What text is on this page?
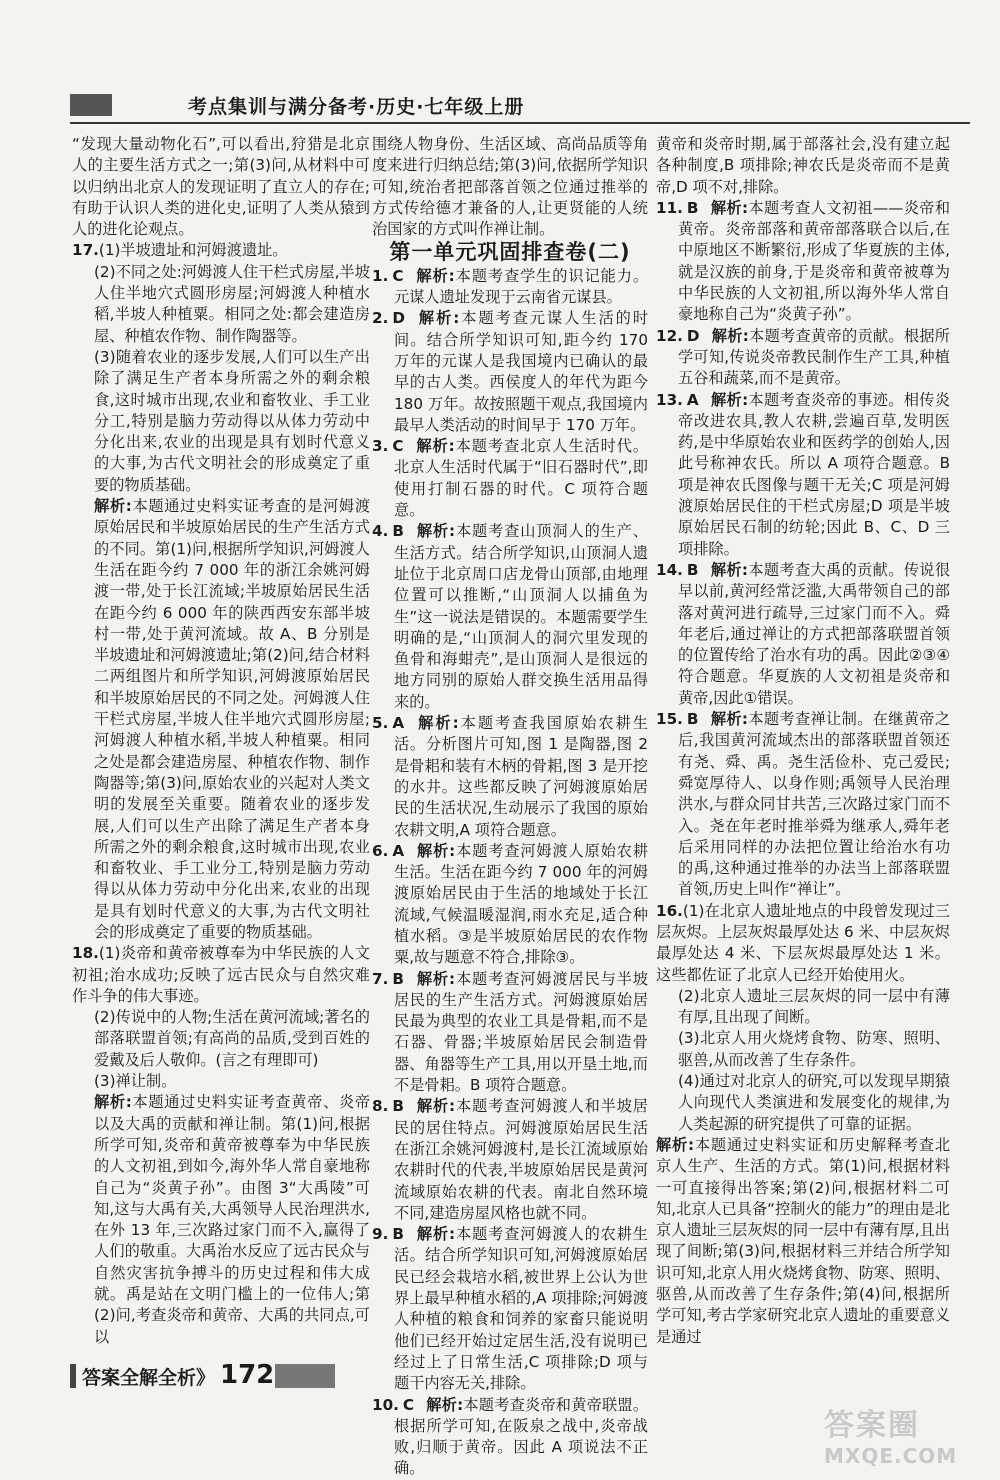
考点集训与满分备考·历史·七年级上册

“发现大量动物化石”,可以看出,狩猎是北京人的主要生活方式之一;第(3)问,从材料中可以归纳出北京人的发现证明了直立人的存在;有助于认识人类的进化史,证明了人类从猿到人的进化论观点。

17.(1)半坡遗址和河姆渡遗址。

(2)不同之处:河姆渡人住干栏式房屋,半坡人住半地穴式圆形房屋;河姆渡人种植水稻,半坡人种植粟。相同之处:都会建造房屋、种植农作物、制作陶器等。

(3)随着农业的逐步发展,人们可以生产出除了满足生产者本身所需之外的剩余粮食,这时城市出现,农业和畜牧业、手工业分工,特别是脑力劳动得以从体力劳动中分化出来,农业的出现是具有划时代意义的大事,为古代文明社会的形成奠定了重要的物质基础。

解析:本题通过史料实证考查的是河姆渡原始居民和半坡原始居民的生产生活方式的不同。第(1)问,根据所学知识,河姆渡人生活在距今约 7 000 年的浙江余姚河姆渡一带,处于长江流域;半坡原始居民生活在距今约 6 000 年的陕西西安东部半坡村一带,处于黄河流域。故 A、B 分别是半坡遗址和河姆渡遗址;第(2)问,结合材料二两组图片和所学知识,河姆渡原始居民和半坡原始居民的不同之处。河姆渡人住干栏式房屋,半坡人住半地穴式圆形房屋;河姆渡人种植水稻,半坡人种植粟。相同之处是都会建造房屋、种植农作物、制作陶器等;第(3)问,原始农业的兴起对人类文明的发展至关重要。随着农业的逐步发展,人们可以生产出除了满足生产者本身所需之外的剩余粮食,这时城市出现,农业和畜牧业、手工业分工,特别是脑力劳动得以从体力劳动中分化出来,农业的出现是具有划时代意义的大事,为古代文明社会的形成奠定了重要的物质基础。

18.(1)炎帝和黄帝被尊奉为中华民族的人文初祖;治水成功;反映了远古民众与自然灾难作斗争的伟大事迹。

(2)传说中的人物;生活在黄河流域;著名的部落联盟首领;有高尚的品质,受到百姓的爱戴及后人敬仰。(言之有理即可)

(3)禅让制。

解析:本题通过史料实证考查黄帝、炎帝以及大禹的贡献和禅让制。第(1)问,根据所学可知,炎帝和黄帝被尊奉为中华民族的人文初祖,到如今,海外华人常自豪地称自己为“炎黄子孙”。由图 3“大禹陵”可知,这与大禹有关,大禹领导人民治理洪水,在外 13 年,三次路过家门而不入,赢得了人们的敬重。大禹治水反应了远古民众与自然灾害抗争搏斗的历史过程和伟大成就。禹是站在文明门槛上的一位伟人;第(2)问,考查炎帝和黄帝、大禹的共同点,可以

围绕人物身份、生活区域、高尚品质等角度来进行归纳总结;第(3)问,依据所学知识可知,统治者把部落首领之位通过推举的方式传给德才兼备的人,让更贤能的人统治国家的方式叫作禅让制。

第一单元巩固排查卷(二)

1. C 解析:本题考查学生的识记能力。元谋人遗址发现于云南省元谋县。

2. D 解析:本题考查元谋人生活的时间。结合所学知识可知,距今约 170 万年的元谋人是我国境内已确认的最早的古人类。西侯度人的年代为距今 180 万年。故按照题干观点,我国境内最早人类活动的时间早于 170 万年。

3. C 解析:本题考查北京人生活时代。北京人生活时代属于“旧石器时代”,即使用打制石器的时代。C 项符合题意。

4. B 解析:本题考查山顶洞人的生产、生活方式。结合所学知识,山顶洞人遗址位于北京周口店龙骨山顶部,由地理位置可以推断,“山顶洞人以捕鱼为生”这一说法是错误的。本题需要学生明确的是,“山顶洞人的洞穴里发现的鱼骨和海蚶壳”,是山顶洞人是很远的地方同别的原始人群交换生活用品得来的。

5. A 解析:本题考查我国原始农耕生活。分析图片可知,图 1 是陶器,图 2 是骨耜和装有木柄的骨耜,图 3 是开挖的水井。这些都反映了河姆渡原始居民的生活状况,生动展示了我国的原始农耕文明,A 项符合题意。

6. A 解析:本题考查河姆渡人原始农耕生活。生活在距今约 7 000 年的河姆渡原始居民由于生活的地域处于长江流域,气候温暖湿润,雨水充足,适合种植水稻。③是半坡原始居民的农作物粟,故与题意不符合,排除③。

7. B 解析:本题考查河姆渡居民与半坡居民的生产生活方式。河姆渡原始居民最为典型的农业工具是骨耜,而不是石器、骨器;半坡原始居民会制造骨器、角器等生产工具,用以开垦土地,而不是骨耜。B 项符合题意。

8. B 解析:本题考查河姆渡人和半坡居民的居住特点。河姆渡原始居民生活在浙江余姚河姆渡村,是长江流域原始农耕时代的代表,半坡原始居民是黄河流域原始农耕的代表。南北自然环境不同,建造房屋风格也就不同。

9. B 解析:本题考查河姆渡人的农耕生活。结合所学知识可知,河姆渡原始居民已经会栽培水稻,被世界上公认为世界上最早种植水稻的,A 项排除;河姆渡人种植的粮食和饲养的家畜只能说明他们已经开始过定居生活,没有说明已经过上了日常生活,C 项排除;D 项与题干内容无关,排除。

10. C 解析:本题考查炎帝和黄帝联盟。根据所学可知,在阪泉之战中,炎帝战败,归顺于黄帝。因此 A 项说法不正确。

黄帝和炎帝时期,属于部落社会,没有建立起各种制度,B 项排除;神农氏是炎帝而不是黄帝,D 项不对,排除。

11. B 解析:本题考查人文初祖——炎帝和黄帝。炎帝部落和黄帝部落联合以后,在中原地区不断繁衍,形成了华夏族的主体,就是汉族的前身,于是炎帝和黄帝被尊为中华民族的人文初祖,所以海外华人常自豪地称自己为“炎黄子孙”。

12. D 解析:本题考查黄帝的贡献。根据所学可知,传说炎帝教民制作生产工具,种植五谷和蔬菜,而不是黄帝。

13. A 解析:本题考查炎帝的事迹。相传炎帝改进农具,教人农耕,尝遍百草,发明医药,是中华原始农业和医药学的创始人,因此号称神农氏。所以 A 项符合题意。B 项是神农氏图像与题干无关;C 项是河姆渡原始居民住的干栏式房屋;D 项是半坡原始居民石制的纺轮;因此 B、C、D 三项排除。

14. B 解析:本题考查大禹的贡献。传说很早以前,黄河经常泛滥,大禹带领自己的部落对黄河进行疏导,三过家门而不入。舜年老后,通过禅让的方式把部落联盟首领的位置传给了治水有功的禹。因此②③④符合题意。华夏族的人文初祖是炎帝和黄帝,因此①错误。

15. B 解析:本题考查禅让制。在继黄帝之后,我国黄河流域杰出的部落联盟首领还有尧、舜、禹。尧生活俭朴、克己爱民;舜宽厚待人、以身作则;禹领导人民治理洪水,与群众同甘共苦,三次路过家门而不入。尧在年老时推举舜为继承人,舜年老后采用同样的办法把位置让给治水有功的禹,这种通过推举的办法当上部落联盟首领,历史上叫作“禅让”。

16.(1)在北京人遗址地点的中段曾发现过三层灰烬。上层灰烬最厚处达 6 米、中层灰烬最厚处达 4 米、下层灰烬最厚处达 1 米。这些都佐证了北京人已经开始使用火。

(2)北京人遗址三层灰烬的同一层中有薄有厚,且出现了间断。

(3)北京人用火烧烤食物、防寒、照明、驱兽,从而改善了生存条件。

(4)通过对北京人的研究,可以发现早期猿人向现代人类演进和发展变化的规律,为人类起源的研究提供了可靠的证据。

解析:本题通过史料实证和历史解释考查北京人生产、生活的方式。第(1)问,根据材料一可直接得出答案;第(2)问,根据材料二可知,北京人已具备“控制火的能力”的理由是北京人遗址三层灰烬的同一层中有薄有厚,且出现了间断;第(3)问,根据材料三并结合所学知识可知,北京人用火烧烤食物、防寒、照明、驱兽,从而改善了生存条件;第(4)问,根据所学可知,考古学家研究北京人遗址的重要意义是通过

答案全解全析》 172
答案圈
MXQE.COM
